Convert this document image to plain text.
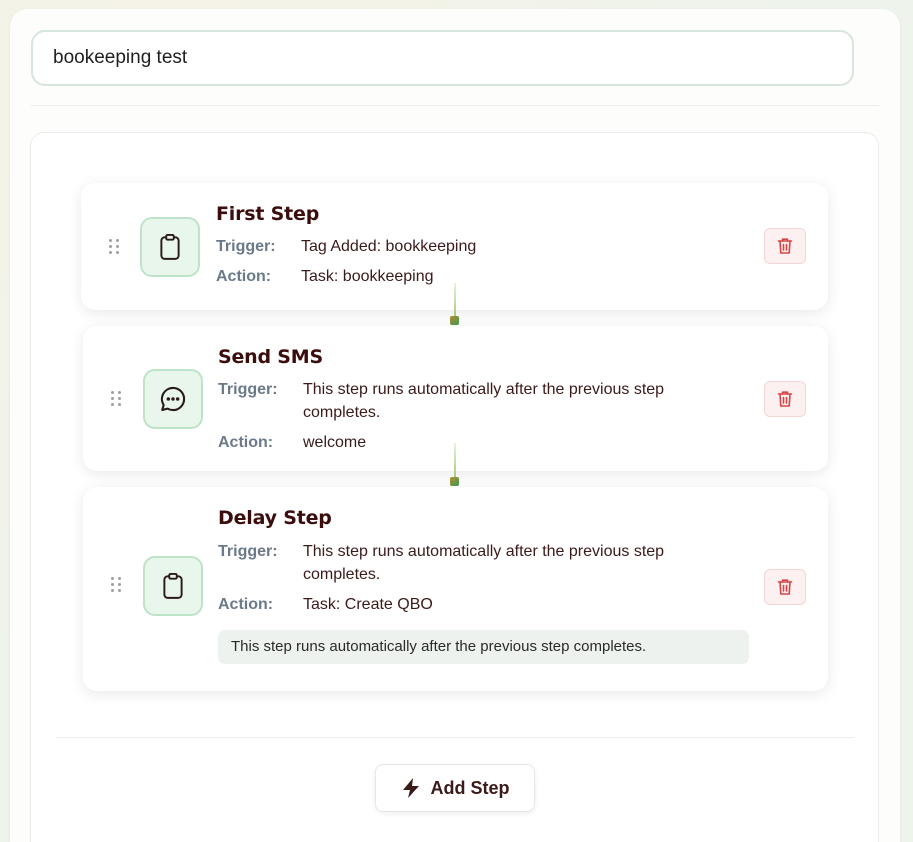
bookeeping test
First Step
Trigger: Tag Added: bookkeeping
Action: Task: bookkeeping
Send SMS
Trigger: This step runs automatically after the previous step completes.
Action: welcome
Delay Step
Trigger: This step runs automatically after the previous step completes.
Action: Task: Create QBO
This step runs automatically after the previous step completes.
Add Step
